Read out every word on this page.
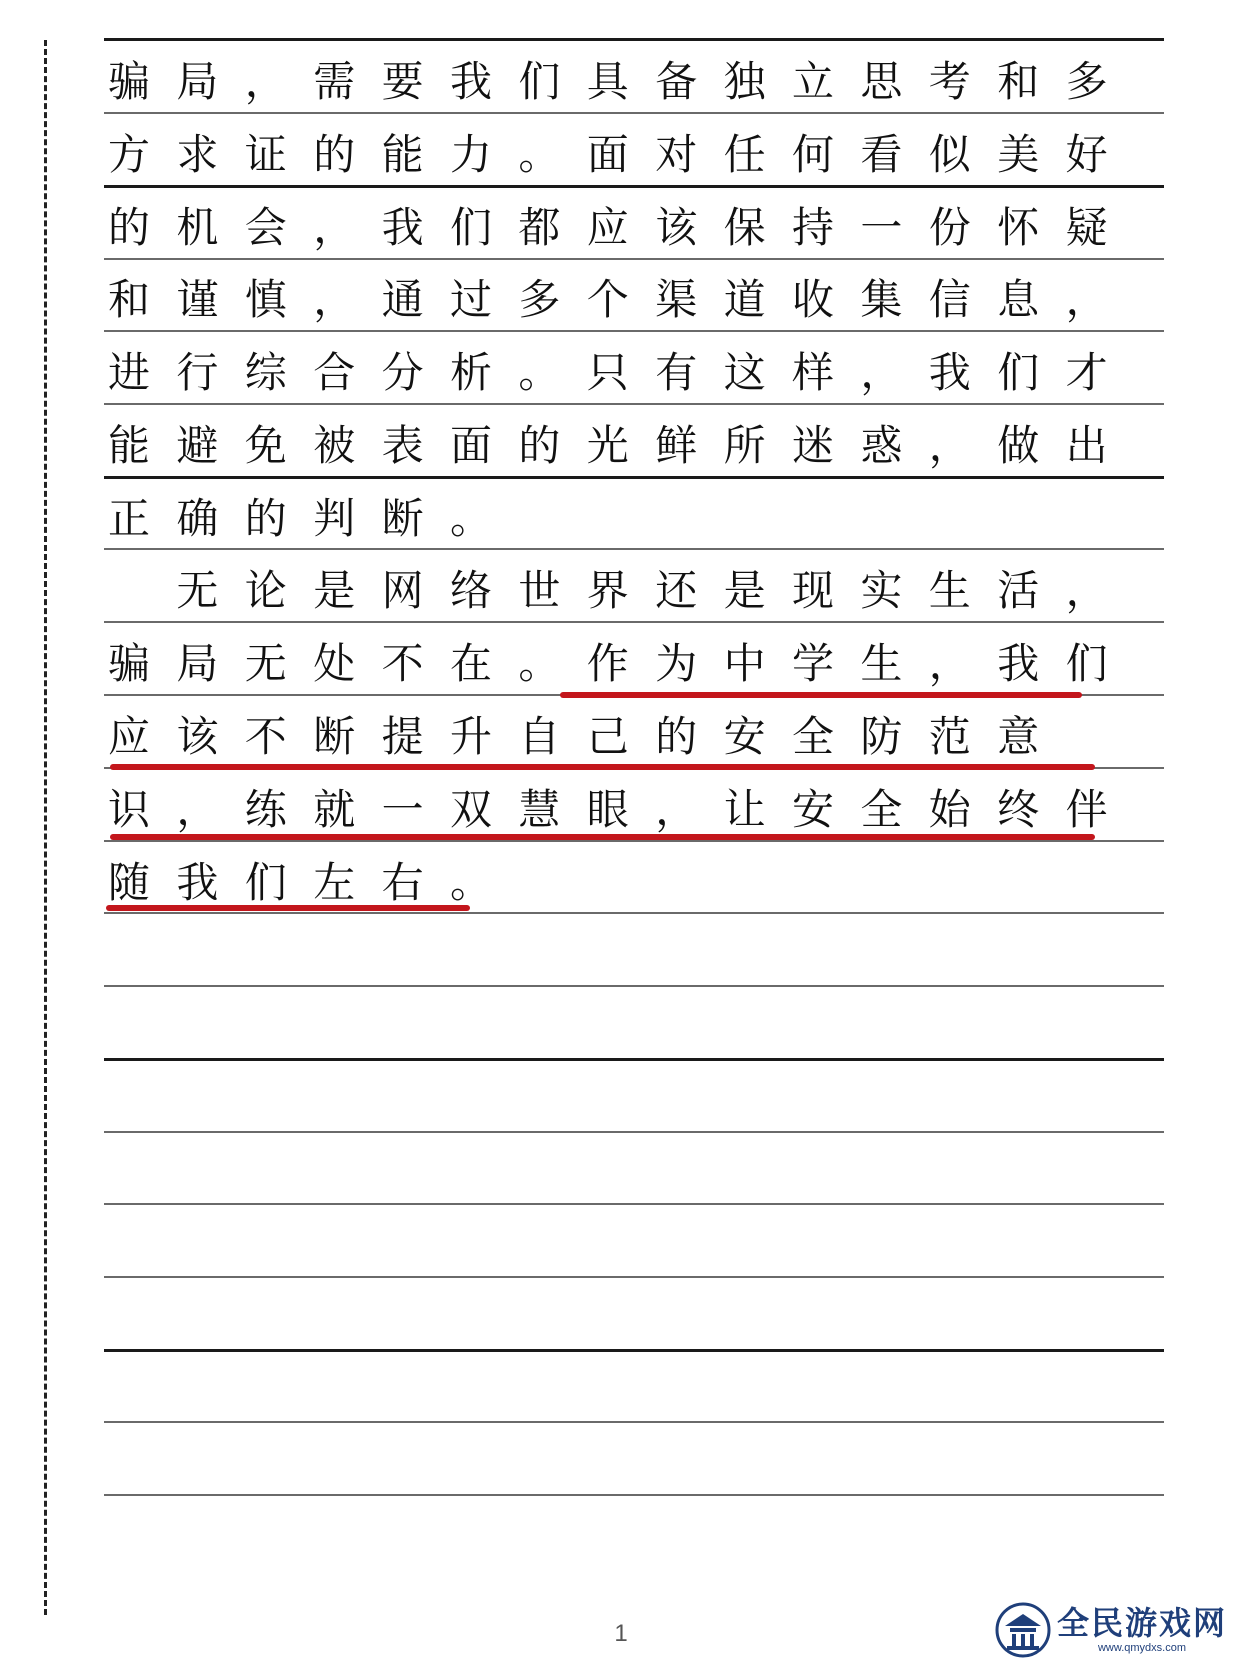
骗局，需要我们具备独立思考和多
方求证的能力。面对任何看似美好
的机会，我们都应该保持一份怀疑
和谨慎，通过多个渠道收集信息，
进行综合分析。只有这样，我们才
能避免被表面的光鲜所迷惑，做出
正确的判断。
　无论是网络世界还是现实生活，
骗局无处不在。作为中学生，我们
应该不断提升自己的安全防范意
识，练就一双慧眼，让安全始终伴
随我们左右。
1	全民游戏网
www.qmydxs.com
